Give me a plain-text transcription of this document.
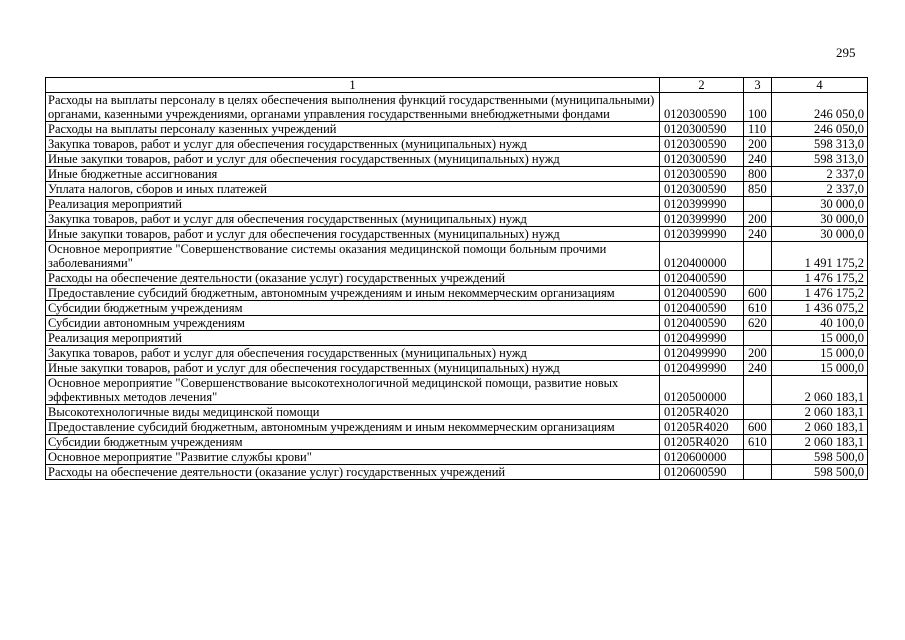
295
1	2	3	4
Расходы на выплаты персоналу в целях обеспечения выполнения функций государственными (муниципальными) органами, казенными учреждениями, органами управления государственными внебюджетными фондами	0120300590	100	246 050,0
Расходы на выплаты персоналу казенных учреждений	0120300590	110	246 050,0
Закупка товаров, работ и услуг для обеспечения государственных (муниципальных) нужд	0120300590	200	598 313,0
Иные закупки товаров, работ и услуг для обеспечения государственных (муниципальных) нужд	0120300590	240	598 313,0
Иные бюджетные ассигнования	0120300590	800	2 337,0
Уплата налогов, сборов и иных платежей	0120300590	850	2 337,0
Реализация мероприятий	0120399990		30 000,0
Закупка товаров, работ и услуг для обеспечения государственных (муниципальных) нужд	0120399990	200	30 000,0
Иные закупки товаров, работ и услуг для обеспечения государственных (муниципальных) нужд	0120399990	240	30 000,0
Основное мероприятие "Совершенствование системы оказания медицинской помощи больным прочими заболеваниями"	0120400000		1 491 175,2
Расходы на обеспечение деятельности (оказание услуг) государственных учреждений	0120400590		1 476 175,2
Предоставление субсидий бюджетным, автономным учреждениям и иным некоммерческим организациям	0120400590	600	1 476 175,2
Субсидии бюджетным учреждениям	0120400590	610	1 436 075,2
Субсидии автономным учреждениям	0120400590	620	40 100,0
Реализация мероприятий	0120499990		15 000,0
Закупка товаров, работ и услуг для обеспечения государственных (муниципальных) нужд	0120499990	200	15 000,0
Иные закупки товаров, работ и услуг для обеспечения государственных (муниципальных) нужд	0120499990	240	15 000,0
Основное мероприятие "Совершенствование высокотехнологичной медицинской помощи, развитие новых эффективных методов лечения"	0120500000		2 060 183,1
Высокотехнологичные виды медицинской помощи	01205R4020		2 060 183,1
Предоставление субсидий бюджетным, автономным учреждениям и иным некоммерческим организациям	01205R4020	600	2 060 183,1
Субсидии бюджетным учреждениям	01205R4020	610	2 060 183,1
Основное мероприятие "Развитие службы крови"	0120600000		598 500,0
Расходы на обеспечение деятельности (оказание услуг) государственных учреждений	0120600590		598 500,0
